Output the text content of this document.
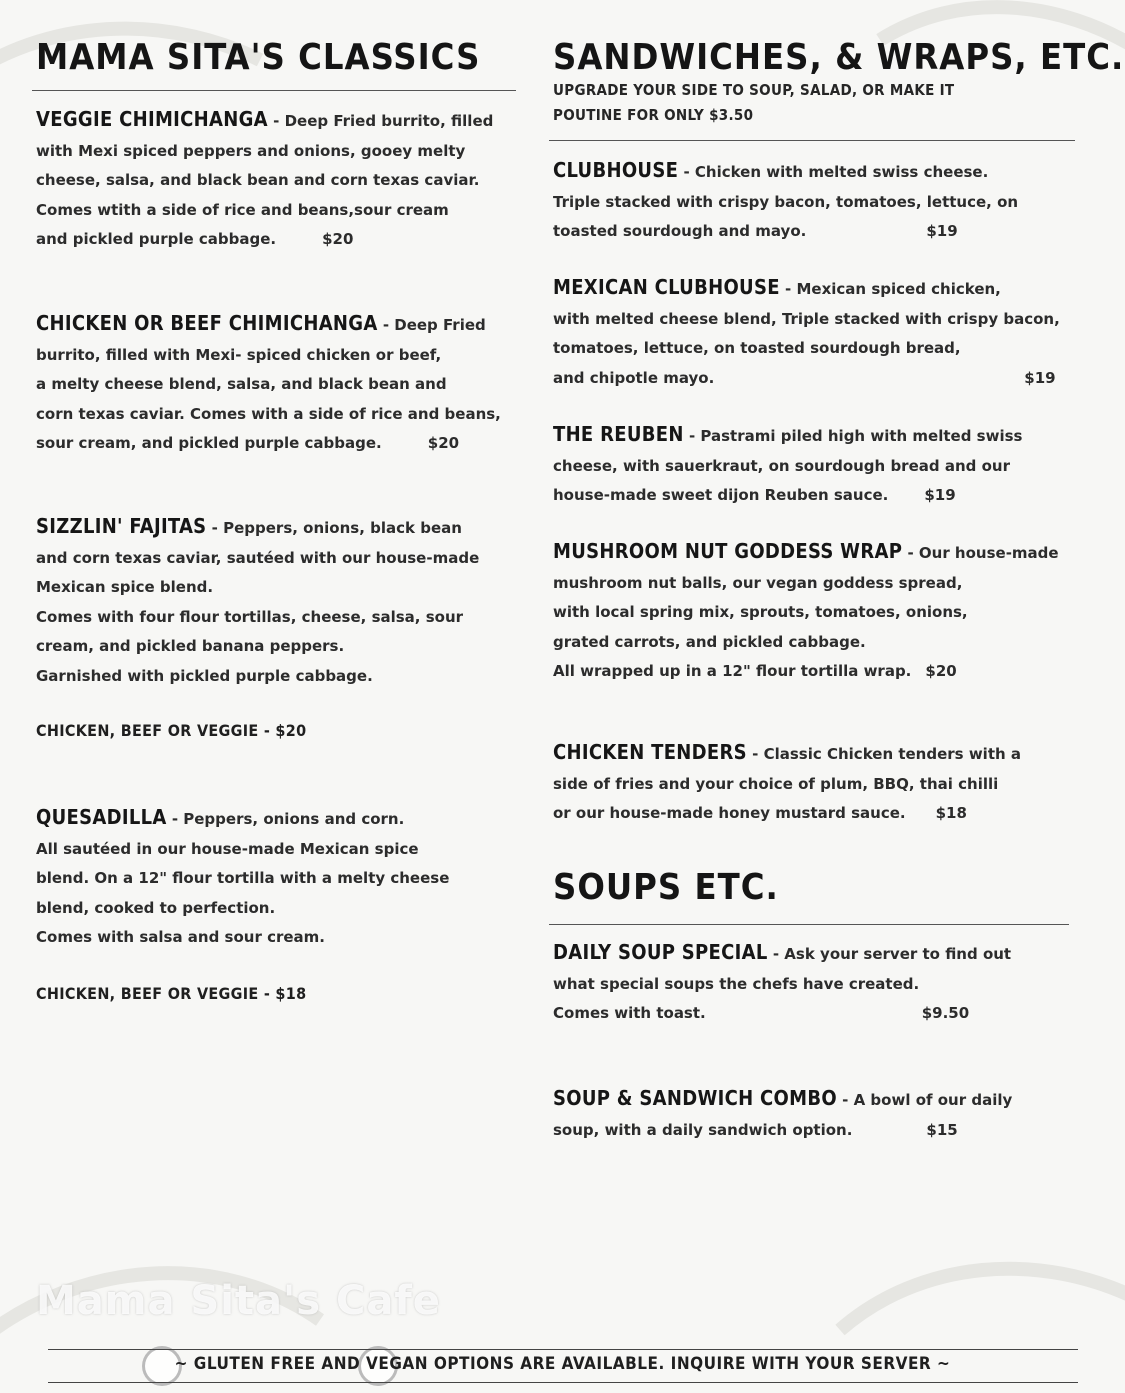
MAMA SITA'S CLASSICS

VEGGIE CHIMICHANGA - Deep Fried burrito, filled

with Mexi spiced peppers and onions, gooey melty

cheese, salsa, and black bean and corn texas caviar.

Comes wtith a side of rice and beans,sour cream

and pickled purple cabbage.	$20

CHICKEN OR BEEF CHIMICHANGA - Deep Fried

burrito, filled with Mexi- spiced chicken or beef,

a melty cheese blend, salsa, and black bean and

corn texas caviar. Comes with a side of rice and beans,

sour cream, and pickled purple cabbage.	$20

SIZZLIN' FAJITAS - Peppers, onions, black bean

and corn texas caviar, sautéed with our house-made

Mexican spice blend.

Comes with four flour tortillas, cheese, salsa, sour

cream, and pickled banana peppers.

Garnished with pickled purple cabbage.

CHICKEN, BEEF OR VEGGIE - $20

QUESADILLA - Peppers, onions and corn.

All sautéed in our house-made Mexican spice

blend. On a 12" flour tortilla with a melty cheese

blend, cooked to perfection.

Comes with salsa and sour cream.

CHICKEN, BEEF OR VEGGIE - $18

SANDWICHES, & WRAPS, ETC.
UPGRADE YOUR SIDE TO SOUP, SALAD, OR MAKE IT
POUTINE FOR ONLY $3.50

CLUBHOUSE - Chicken with melted swiss cheese.

Triple stacked with crispy bacon, tomatoes, lettuce, on

toasted sourdough and mayo.	$19

MEXICAN CLUBHOUSE - Mexican spiced chicken,

with melted cheese blend, Triple stacked with crispy bacon,

tomatoes, lettuce, on toasted sourdough bread,

and chipotle mayo.	$19

THE REUBEN - Pastrami piled high with melted swiss

cheese, with sauerkraut, on sourdough bread and our

house-made sweet dijon Reuben sauce. $19

MUSHROOM NUT GODDESS WRAP - Our house-made

mushroom nut balls, our vegan goddess spread,

with local spring mix, sprouts, tomatoes, onions,

grated carrots, and pickled cabbage.

All wrapped up in a 12" flour tortilla wrap. $20

CHICKEN TENDERS - Classic Chicken tenders with a

side of fries and your choice of plum, BBQ, thai chilli

or our house-made honey mustard sauce. $18

SOUPS ETC.

DAILY SOUP SPECIAL - Ask your server to find out

what special soups the chefs have created.

Comes with toast.	$9.50

SOUP & SANDWICH COMBO - A bowl of our daily

soup, with a daily sandwich option.	$15

Mama Sita's Cafe
~ GLUTEN FREE AND VEGAN OPTIONS ARE AVAILABLE. INQUIRE WITH YOUR SERVER ~
